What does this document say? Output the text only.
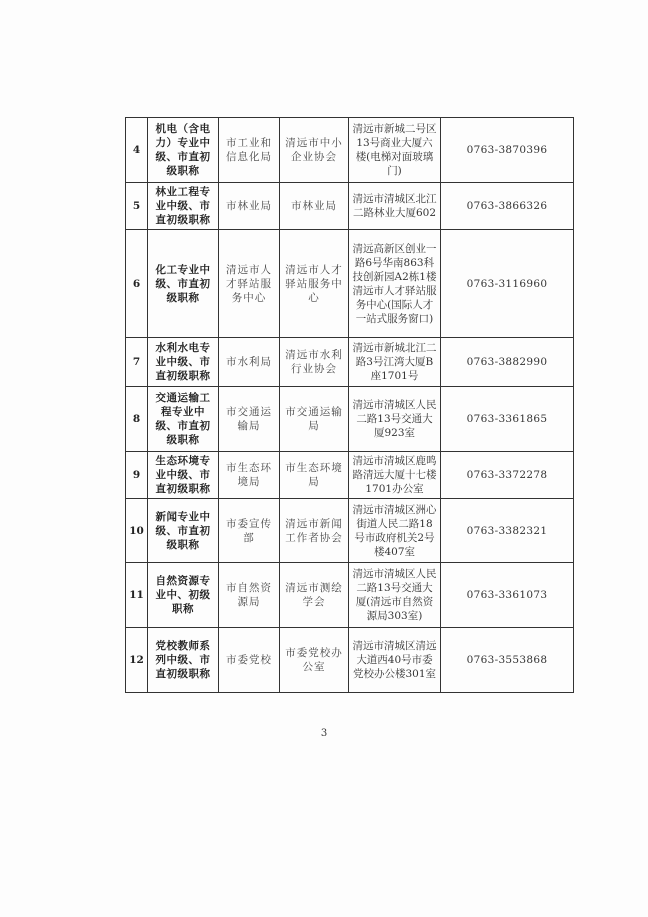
4	机电（含电力）专业中级、市直初级职称	市工业和信息化局	清远市中小企业协会	清远市新城二号区13号商业大厦六楼(电梯对面玻璃门)	0763-3870396
5	林业工程专业中级、市直初级职称	市林业局	市林业局	清远市清城区北江二路林业大厦602	0763-3866326
6	化工专业中级、市直初级职称	清远市人才驿站服务中心	清远市人才驿站服务中心	清远高新区创业一路6号华南863科技创新园A2栋1楼清远市人才驿站服务中心(国际人才一站式服务窗口)	0763-3116960
7	水利水电专业中级、市直初级职称	市水利局	清远市水利行业协会	清远市新城北江二路3号江湾大厦B座1701号	0763-3882990
8	交通运输工程专业中级、市直初级职称	市交通运输局	市交通运输局	清远市清城区人民二路13号交通大厦923室	0763-3361865
9	生态环境专业中级、市直初级职称	市生态环境局	市生态环境局	清远市清城区鹿鸣路清远大厦十七楼1701办公室	0763-3372278
10	新闻专业中级、市直初级职称	市委宣传部	清远市新闻工作者协会	清远市清城区洲心街道人民二路18号市政府机关2号楼407室	0763-3382321
11	自然资源专业中、初级职称	市自然资源局	清远市测绘学会	清远市清城区人民二路13号交通大厦(清远市自然资源局303室)	0763-3361073
12	党校教师系列中级、市直初级职称	市委党校	市委党校办公室	清远市清城区清远大道西40号市委党校办公楼301室	0763-3553868
3
